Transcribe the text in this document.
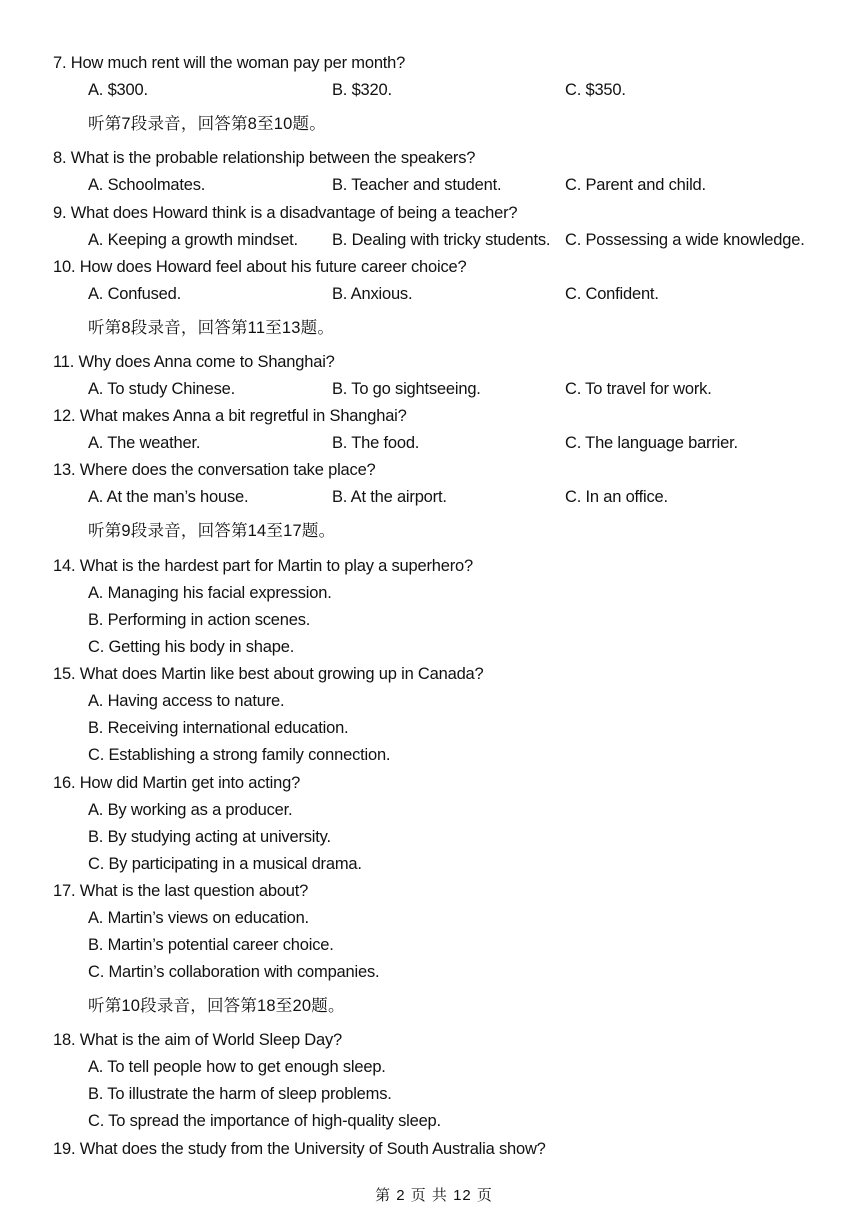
7. How much rent will the woman pay per month?
A. $300.	B. $320.	C. $350.
听第7段录音，回答第8至10题。
8. What is the probable relationship between the speakers?
A. Schoolmates.	B. Teacher and student.	C. Parent and child.
9. What does Howard think is a disadvantage of being a teacher?
A. Keeping a growth mindset. B. Dealing with tricky students. C. Possessing a wide knowledge.
10. How does Howard feel about his future career choice?
A. Confused.	B. Anxious.	C. Confident.
听第8段录音，回答第11至13题。
11. Why does Anna come to Shanghai?
A. To study Chinese.	B. To go sightseeing.	C. To travel for work.
12. What makes Anna a bit regretful in Shanghai?
A. The weather.	B. The food.	C. The language barrier.
13. Where does the conversation take place?
A. At the man’s house.	B. At the airport.	C. In an office.
听第9段录音，回答第14至17题。
14. What is the hardest part for Martin to play a superhero?
A. Managing his facial expression.
B. Performing in action scenes.
C. Getting his body in shape.
15. What does Martin like best about growing up in Canada?
A. Having access to nature.
B. Receiving international education.
C. Establishing a strong family connection.
16. How did Martin get into acting?
A. By working as a producer.
B. By studying acting at university.
C. By participating in a musical drama.
17. What is the last question about?
A. Martin’s views on education.
B. Martin’s potential career choice.
C. Martin’s collaboration with companies.
听第10段录音，回答第18至20题。
18. What is the aim of World Sleep Day?
A. To tell people how to get enough sleep.
B. To illustrate the harm of sleep problems.
C. To spread the importance of high-quality sleep.
19. What does the study from the University of South Australia show?
第 2 页 共 12 页
